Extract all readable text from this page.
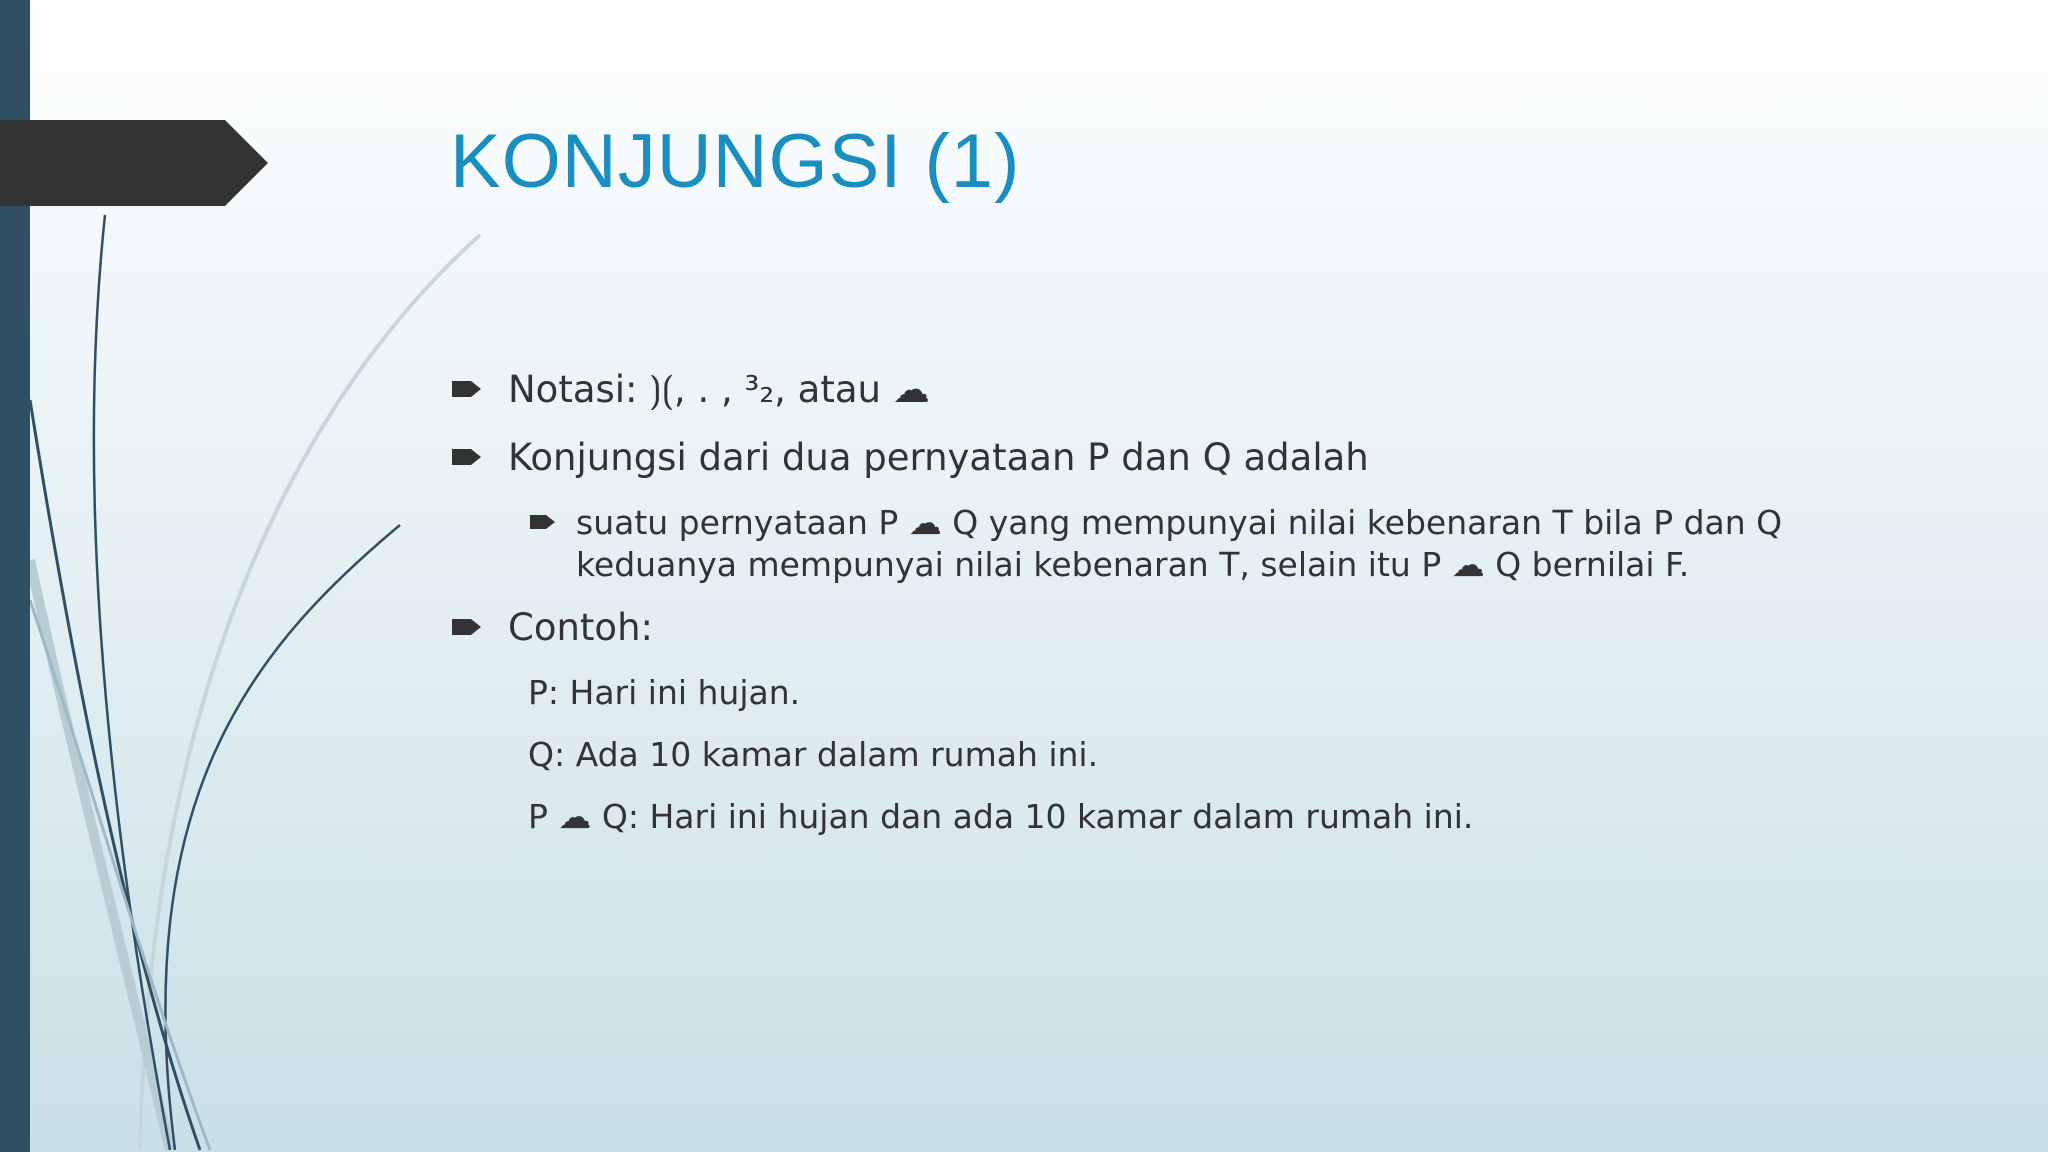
KONJUNGSI (1)
Notasi: ⟯⟮, . , ³₂, atau ☁
Konjungsi dari dua pernyataan P dan Q adalah
suatu pernyataan P ☁ Q yang mempunyai nilai kebenaran T bila P dan Q keduanya mempunyai nilai kebenaran T, selain itu P ☁ Q bernilai F.
Contoh:
P: Hari ini hujan.
Q: Ada 10 kamar dalam rumah ini.
P ☁ Q: Hari ini hujan dan ada 10 kamar dalam rumah ini.
